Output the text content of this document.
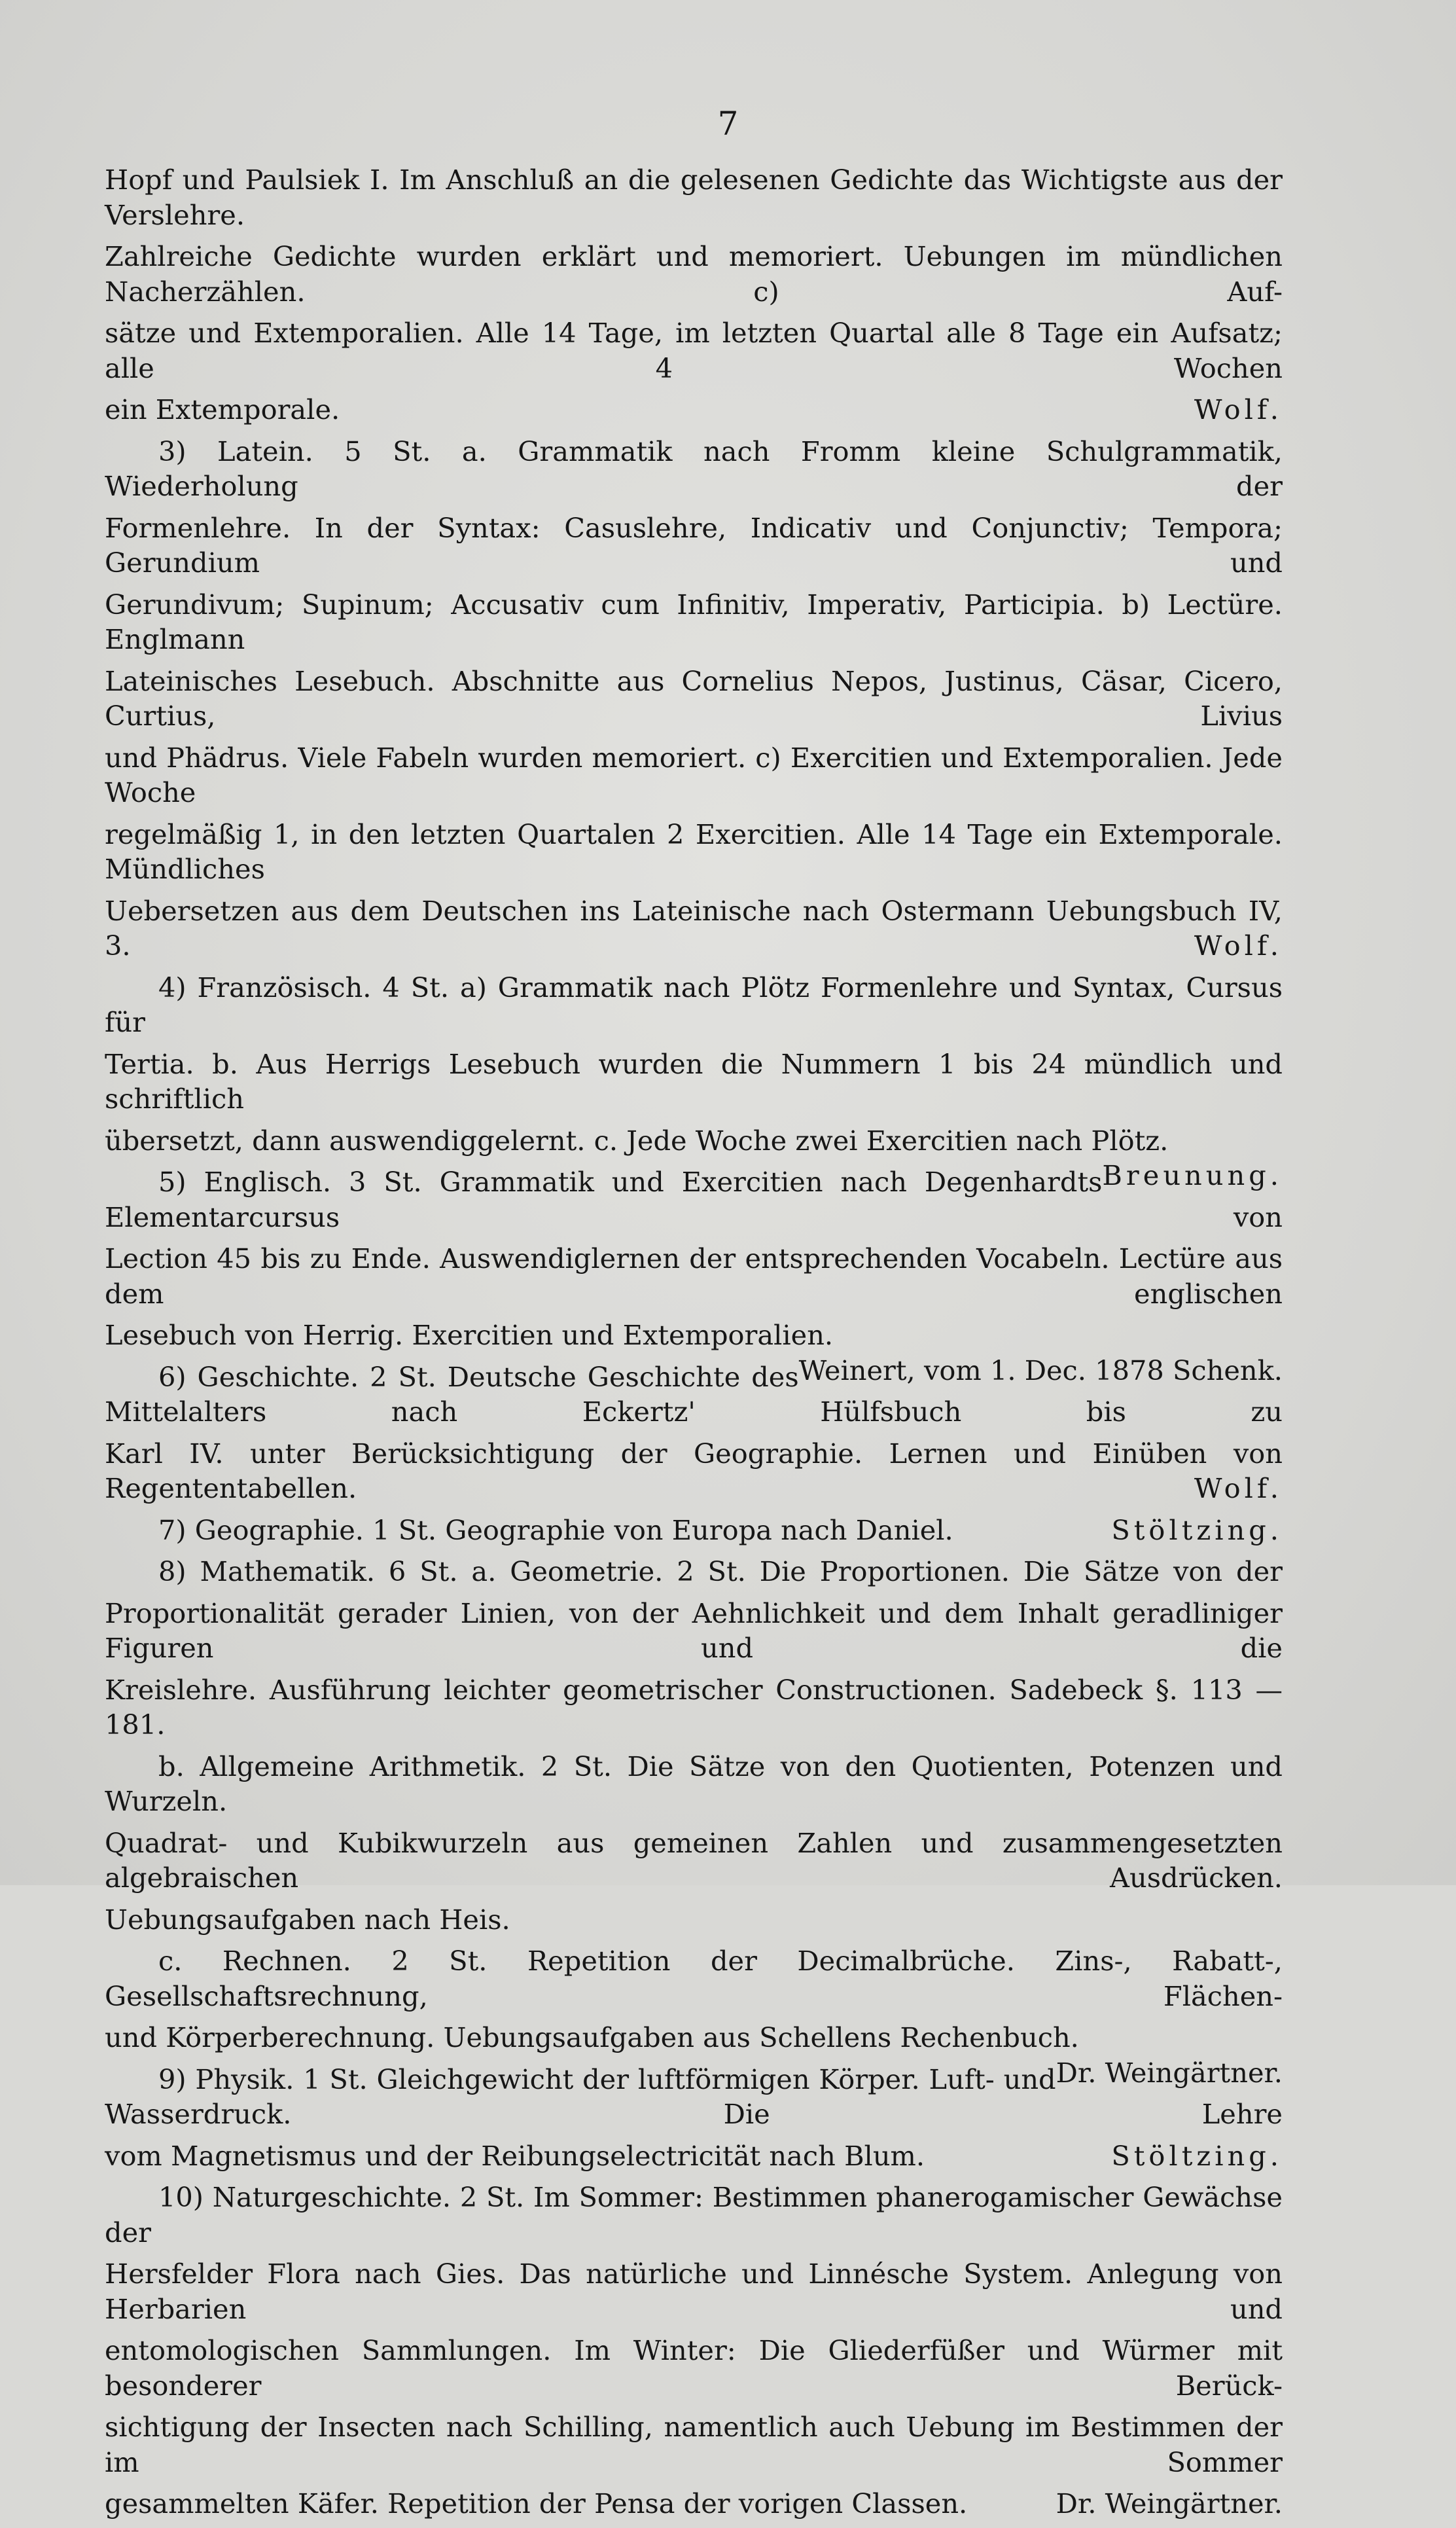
7
Hopf und Paulsiek I. Im Anschluß an die gelesenen Gedichte das Wichtigste aus der Verslehre.
Zahlreiche Gedichte wurden erklärt und memoriert. Uebungen im mündlichen Nacherzählen. c) Auf-
sätze und Extemporalien. Alle 14 Tage, im letzten Quartal alle 8 Tage ein Aufsatz; alle 4 Wochen
ein Extemporale.	Wolf.
3) Latein. 5 St. a. Grammatik nach Fromm kleine Schulgrammatik, Wiederholung der
Formenlehre. In der Syntax: Casuslehre, Indicativ und Conjunctiv; Tempora; Gerundium und
Gerundivum; Supinum; Accusativ cum Infinitiv, Imperativ, Participia. b) Lectüre. Englmann
Lateinisches Lesebuch. Abschnitte aus Cornelius Nepos, Justinus, Cäsar, Cicero, Curtius, Livius
und Phädrus. Viele Fabeln wurden memoriert. c) Exercitien und Extemporalien. Jede Woche
regelmäßig 1, in den letzten Quartalen 2 Exercitien. Alle 14 Tage ein Extemporale. Mündliches
Uebersetzen aus dem Deutschen ins Lateinische nach Ostermann Uebungsbuch IV, 3.	Wolf.
4) Französisch. 4 St. a) Grammatik nach Plötz Formenlehre und Syntax, Cursus für
Tertia. b. Aus Herrigs Lesebuch wurden die Nummern 1 bis 24 mündlich und schriftlich
übersetzt, dann auswendiggelernt. c. Jede Woche zwei Exercitien nach Plötz.
Breunung.
5) Englisch. 3 St. Grammatik und Exercitien nach Degenhardts Elementarcursus von
Lection 45 bis zu Ende. Auswendiglernen der entsprechenden Vocabeln. Lectüre aus dem englischen
Lesebuch von Herrig. Exercitien und Extemporalien.
Weinert, vom 1. Dec. 1878 Schenk.
6) Geschichte. 2 St. Deutsche Geschichte des Mittelalters nach Eckertz' Hülfsbuch bis zu
Karl IV. unter Berücksichtigung der Geographie. Lernen und Einüben von Regententabellen.	Wolf.
7) Geographie. 1 St. Geographie von Europa nach Daniel.	Stöltzing.
8) Mathematik. 6 St. a. Geometrie. 2 St. Die Proportionen. Die Sätze von der
Proportionalität gerader Linien, von der Aehnlichkeit und dem Inhalt geradliniger Figuren und die
Kreislehre. Ausführung leichter geometrischer Constructionen. Sadebeck §. 113 — 181.
b. Allgemeine Arithmetik. 2 St. Die Sätze von den Quotienten, Potenzen und Wurzeln.
Quadrat- und Kubikwurzeln aus gemeinen Zahlen und zusammengesetzten algebraischen Ausdrücken.
Uebungsaufgaben nach Heis.
c. Rechnen. 2 St. Repetition der Decimalbrüche. Zins-, Rabatt-, Gesellschaftsrechnung, Flächen-
und Körperberechnung. Uebungsaufgaben aus Schellens Rechenbuch.
Dr. Weingärtner.
9) Physik. 1 St. Gleichgewicht der luftförmigen Körper. Luft- und Wasserdruck. Die Lehre
vom Magnetismus und der Reibungselectricität nach Blum.	Stöltzing.
10) Naturgeschichte. 2 St. Im Sommer: Bestimmen phanerogamischer Gewächse der
Hersfelder Flora nach Gies. Das natürliche und Linnésche System. Anlegung von Herbarien und
entomologischen Sammlungen. Im Winter: Die Gliederfüßer und Würmer mit besonderer Berück-
sichtigung der Insecten nach Schilling, namentlich auch Uebung im Bestimmen der im Sommer
gesammelten Käfer. Repetition der Pensa der vorigen Classen.	Dr. Weingärtner.
